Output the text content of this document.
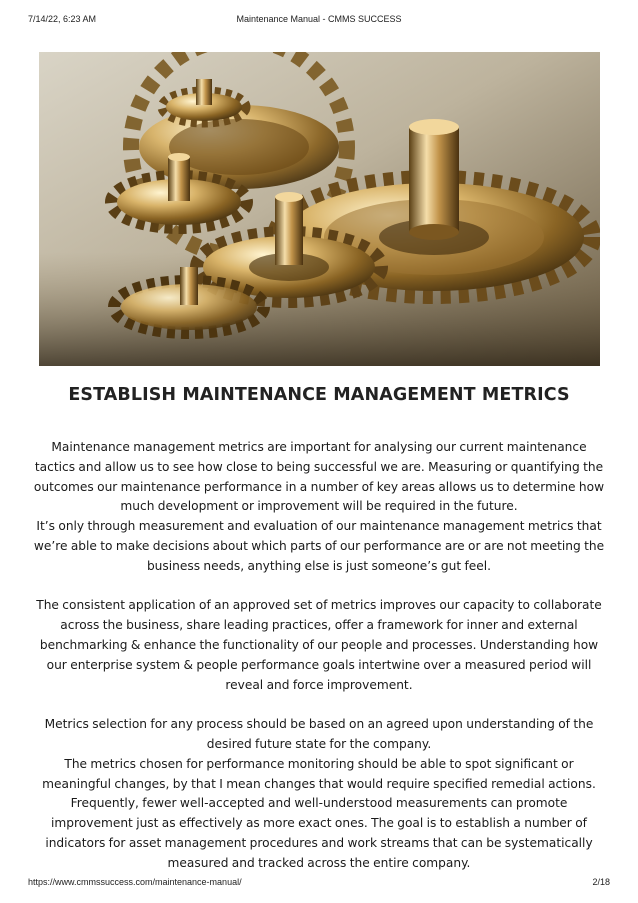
7/14/22, 6:23 AM	Maintenance Manual - CMMS SUCCESS
ESTABLISH MAINTENANCE MANAGEMENT METRICS

Maintenance management metrics are important for analysing our current maintenance tactics and allow us to see how close to being successful we are. Measuring or quantifying the outcomes our maintenance performance in a number of key areas allows us to determine how much development or improvement will be required in the future.

It’s only through measurement and evaluation of our maintenance management metrics that we’re able to make decisions about which parts of our performance are or are not meeting the business needs, anything else is just someone’s gut feel.

The consistent application of an approved set of metrics improves our capacity to collaborate across the business, share leading practices, offer a framework for inner and external benchmarking & enhance the functionality of our people and processes. Understanding how our enterprise system & people performance goals intertwine over a measured period will reveal and force improvement.

Metrics selection for any process should be based on an agreed upon understanding of the desired future state for the company.

The metrics chosen for performance monitoring should be able to spot significant or meaningful changes, by that I mean changes that would require specified remedial actions. Frequently, fewer well-accepted and well-understood measurements can promote improvement just as effectively as more exact ones. The goal is to establish a number of indicators for asset management procedures and work streams that can be systematically measured and tracked across the entire company.

https://www.cmmssuccess.com/maintenance-manual/	2/18
